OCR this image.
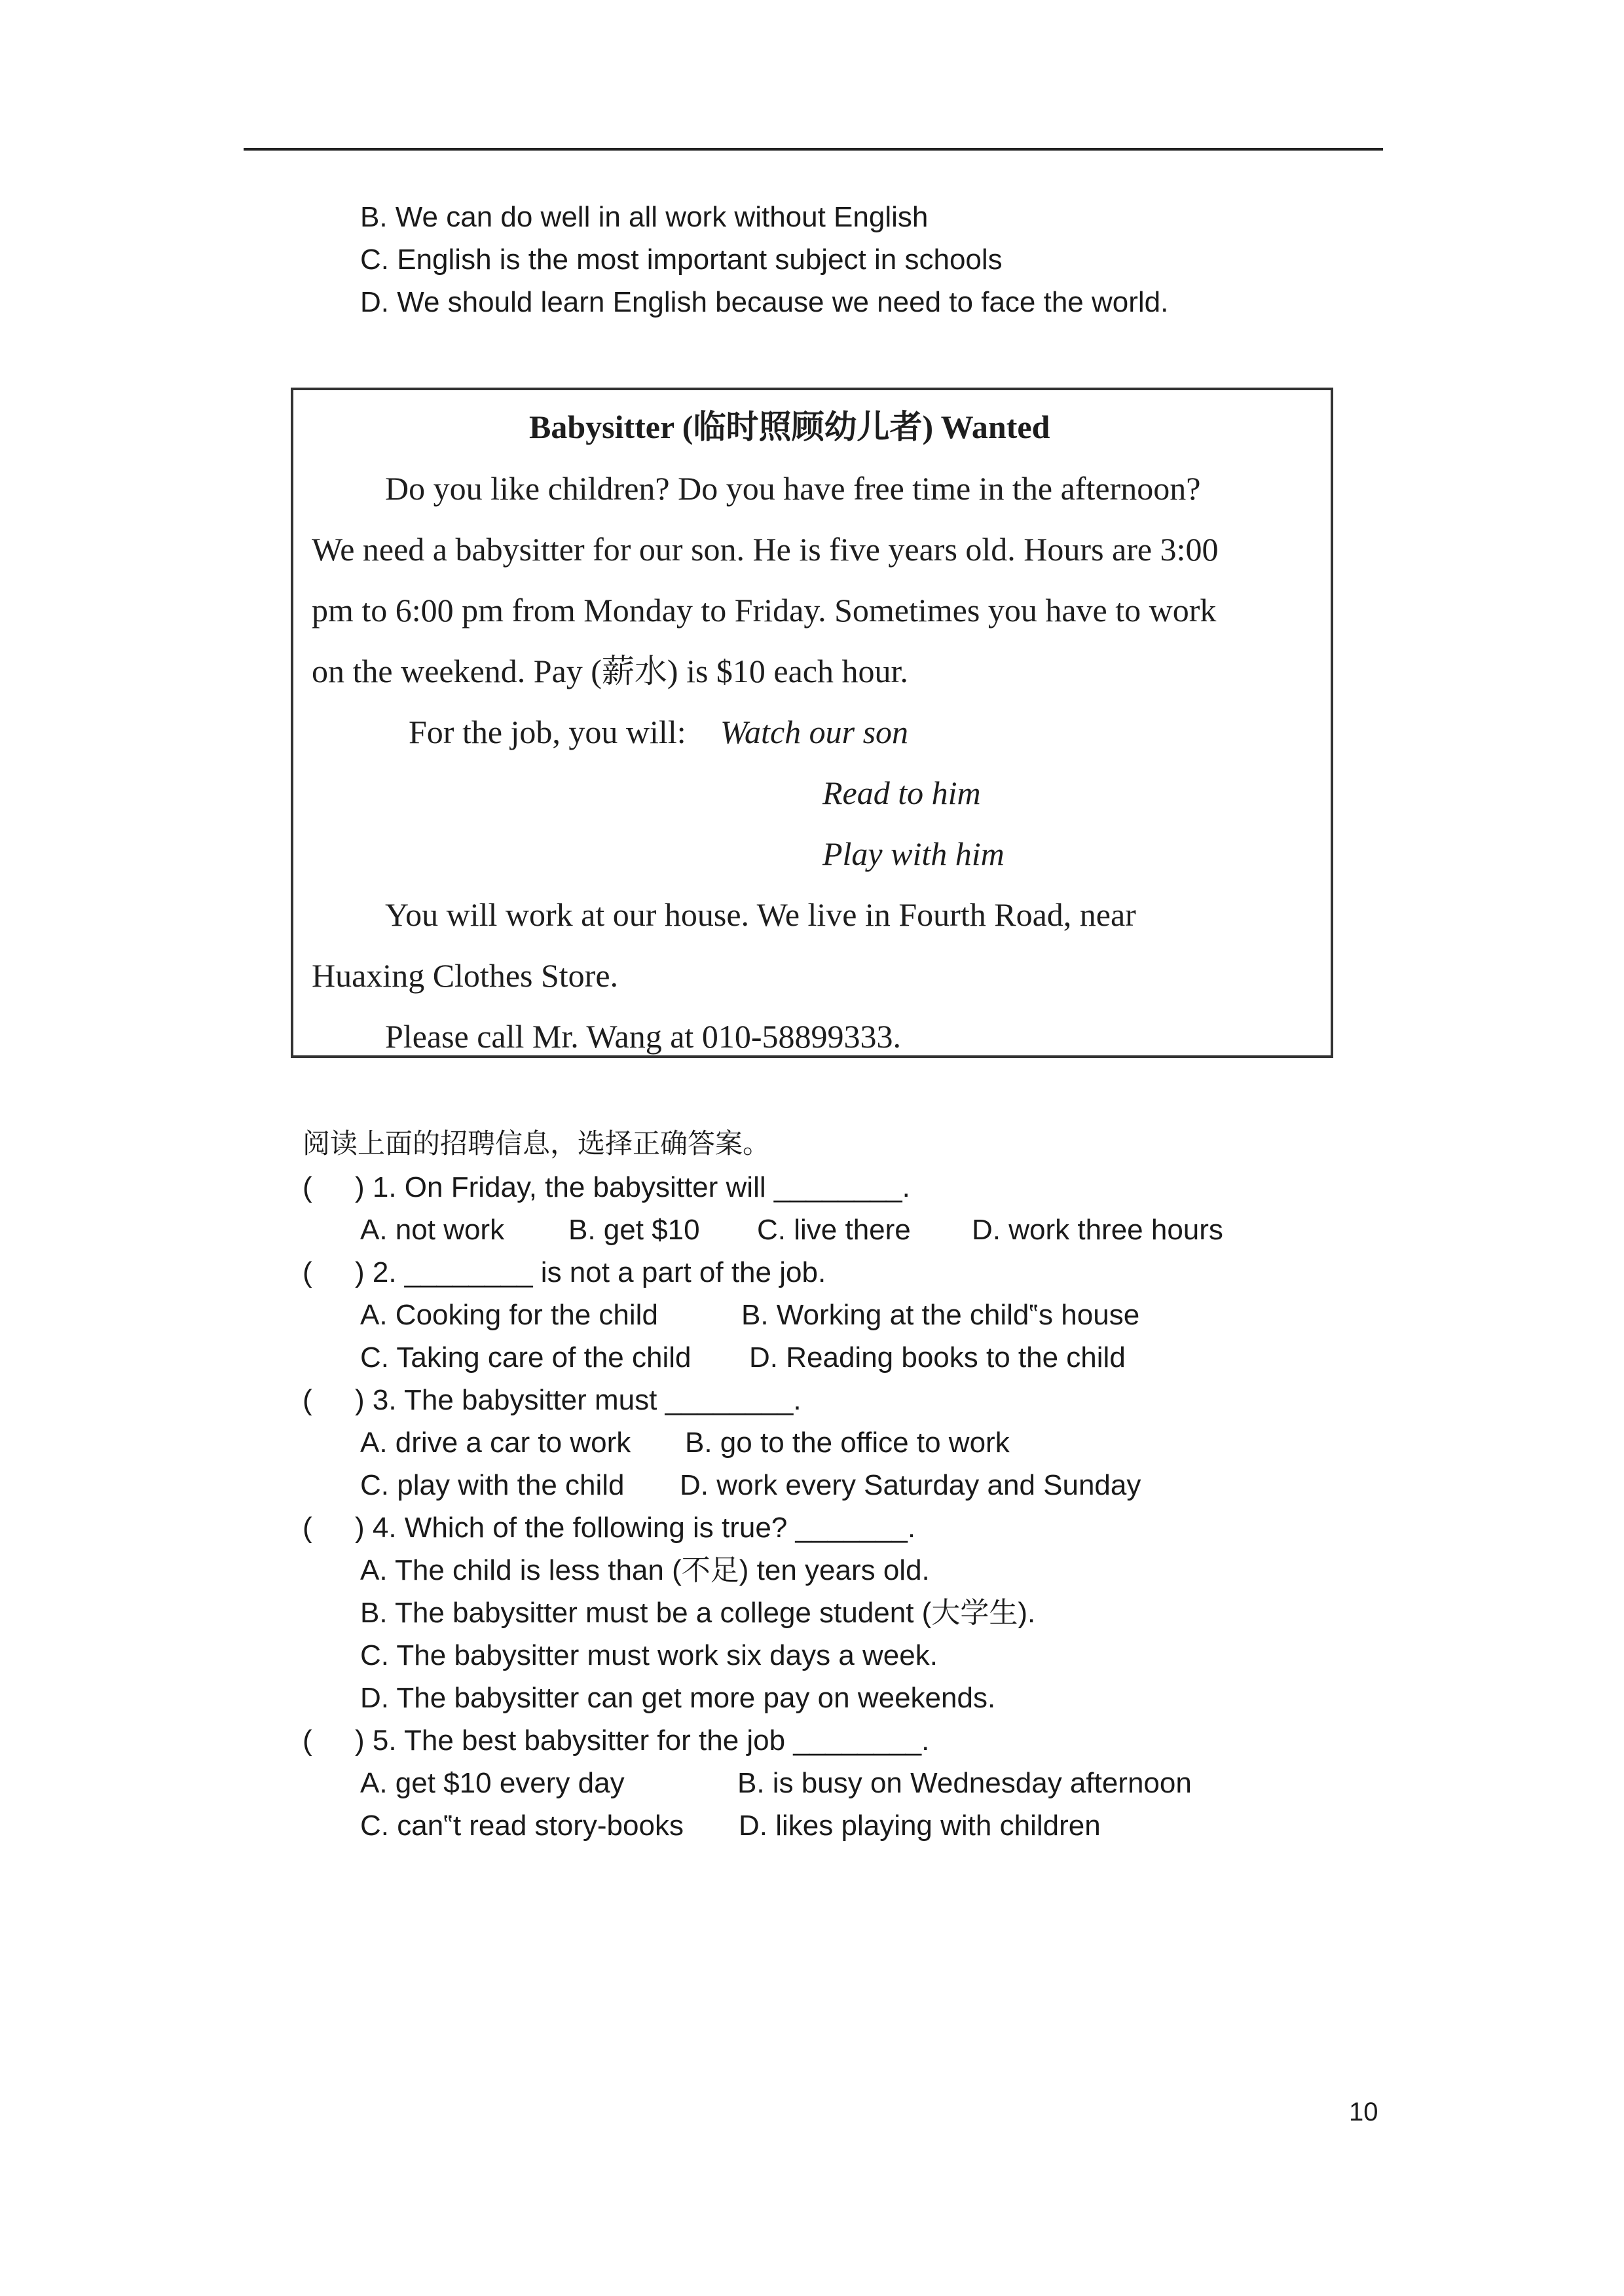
B. We can do well in all work without English
C. English is the most important subject in schools
D. We should learn English because we need to face the world.
Babysitter (临时照顾幼儿者) Wanted
Do you like children? Do you have free time in the afternoon?
We need a babysitter for our son. He is five years old. Hours are 3:00
pm to 6:00 pm from Monday to Friday. Sometimes you have to work
on the weekend. Pay (薪水) is $10 each hour.
For the job, you will: Watch our son
Read to him
Play with him
You will work at our house. We live in Fourth Road, near
Huaxing Clothes Store.
Please call Mr. Wang at 010-58899333.
阅读上面的招聘信息，选择正确答案。
( ) 1. On Friday, the babysitter will ________.
A. not work B. get $10 C. live there D. work three hours
( ) 2. ________ is not a part of the job.
A. Cooking for the child	B. Working at the child‟s house
C. Taking care of the child D. Reading books to the child
( ) 3. The babysitter must ________.
A. drive a car to work B. go to the office to work
C. play with the child D. work every Saturday and Sunday
( ) 4. Which of the following is true? _______.
A. The child is less than (不足) ten years old.
B. The babysitter must be a college student (大学生).
C. The babysitter must work six days a week.
D. The babysitter can get more pay on weekends.
( ) 5. The best babysitter for the job ________.
A. get $10 every day	B. is busy on Wednesday afternoon
C. can‟t read story-books D. likes playing with children
10
